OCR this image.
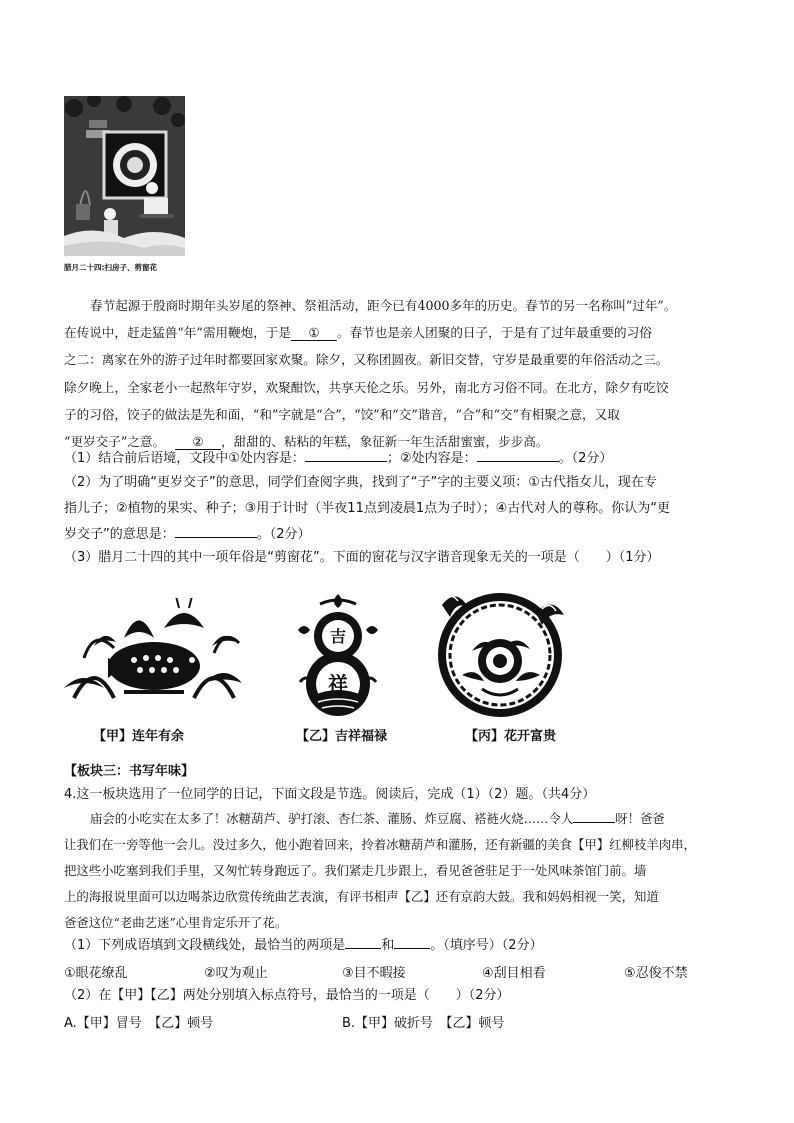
腊月二十四:扫房子、剪窗花
春节起源于殷商时期年头岁尾的祭神、祭祖活动，距今已有4000多年的历史。春节的另一名称叫“过年”。
在传说中，赶走猛兽“年”需用鞭炮，于是 ① 。春节也是亲人团聚的日子，于是有了过年最重要的习俗
之二：离家在外的游子过年时都要回家欢聚。除夕，又称团圆夜。新旧交替，守岁是最重要的年俗活动之三。
除夕晚上，全家老小一起熬年守岁，欢聚酣饮，共享天伦之乐。另外，南北方习俗不同。在北方，除夕有吃饺
子的习俗，饺子的做法是先和面，“和”字就是“合”，“饺”和“交”谐音，“合”和“交”有相聚之意，又取
“更岁交子”之意。 ② ，甜甜的、粘粘的年糕，象征新一年生活甜蜜蜜，步步高。
（1）结合前后语境，文段中①处内容是：	；②处内容是：	。（2分）
（2）为了明确“更岁交子”的意思，同学们查阅字典，找到了“子”字的主要义项：①古代指女儿，现在专
指儿子；②植物的果实、种子；③用于计时（半夜11点到凌晨1点为子时）；④古代对人的尊称。你认为“更
岁交子”的意思是：	。（2分）
（3）腊月二十四的其中一项年俗是“剪窗花”。下面的窗花与汉字谐音现象无关的一项是（　　）（1分）
【甲】连年有余
吉
祥
【乙】吉祥福禄	【丙】花开富贵
【板块三：书写年味】
4.这一板块选用了一位同学的日记，下面文段是节选。阅读后，完成（1）（2）题。（共4分）
庙会的小吃实在太多了！冰糖葫芦、驴打滚、杏仁茶、灌肠、炸豆腐、褡裢火烧……令人	呀！爸爸
让我们在一旁等他一会儿。没过多久，他小跑着回来，拎着冰糖葫芦和灌肠，还有新疆的美食【甲】红柳枝羊肉串，
把这些小吃塞到我们手里，又匆忙转身跑远了。我们紧走几步跟上，看见爸爸驻足于一处风味茶馆门前。墙
上的海报说里面可以边喝茶边欣赏传统曲艺表演，有评书相声【乙】还有京韵大鼓。我和妈妈相视一笑，知道
爸爸这位“老曲艺迷”心里肯定乐开了花。
（1）下列成语填到文段横线处，最恰当的两项是	和	。（填序号）（2分）
①眼花缭乱	②叹为观止	③目不暇接	④刮目相看	⑤忍俊不禁
（2）在【甲】【乙】两处分别填入标点符号，最恰当的一项是（　　）（2分）
A.【甲】冒号　【乙】顿号	B.【甲】破折号　【乙】顿号
